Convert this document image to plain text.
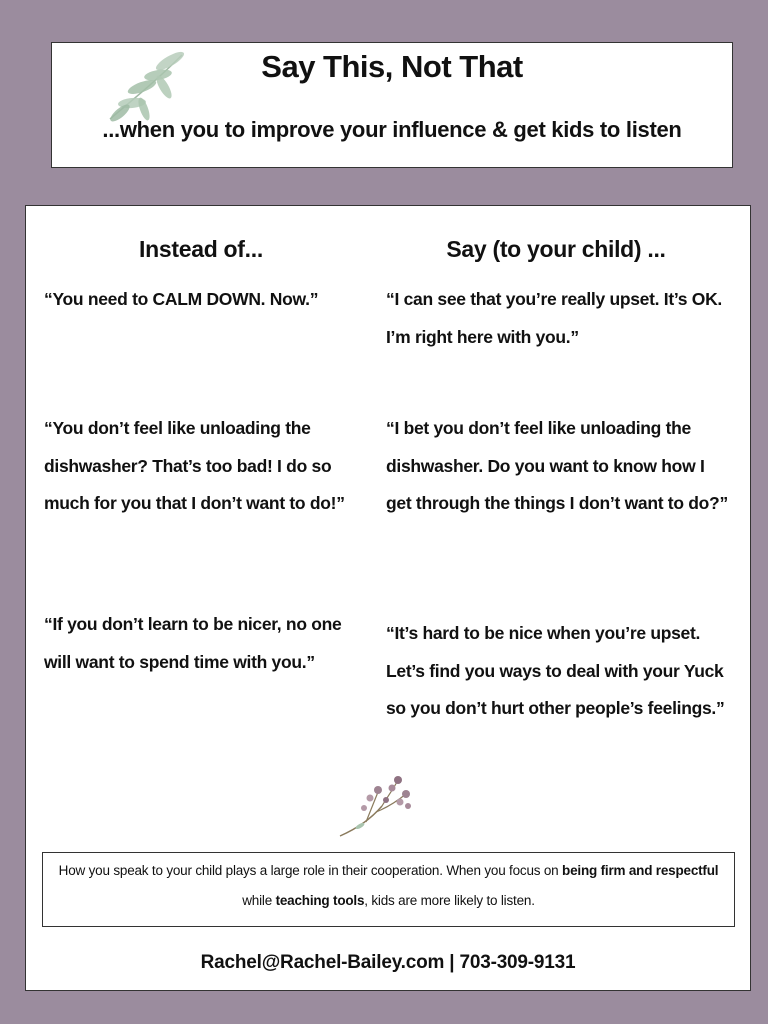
Say This, Not That
...when you to improve your influence & get kids to listen
Instead of...	Say (to your child) ...
“You need to CALM DOWN. Now.”	“I can see that you’re really upset. It’s OK. I’m right here with you.”
“You don’t feel like unloading the dishwasher? That’s too bad! I do so much for you that I don’t want to do!”
“I bet you don’t feel like unloading the dishwasher. Do you want to know how I get through the things I don’t want to do?”
“If you don’t learn to be nicer, no one will want to spend time with you.”
“It’s hard to be nice when you’re upset. Let’s find you ways to deal with your Yuck so you don’t hurt other people’s feelings.”
How you speak to your child plays a large role in their cooperation. When you focus on being firm and respectful while teaching tools, kids are more likely to listen.
Rachel@Rachel-Bailey.com | 703-309-9131
